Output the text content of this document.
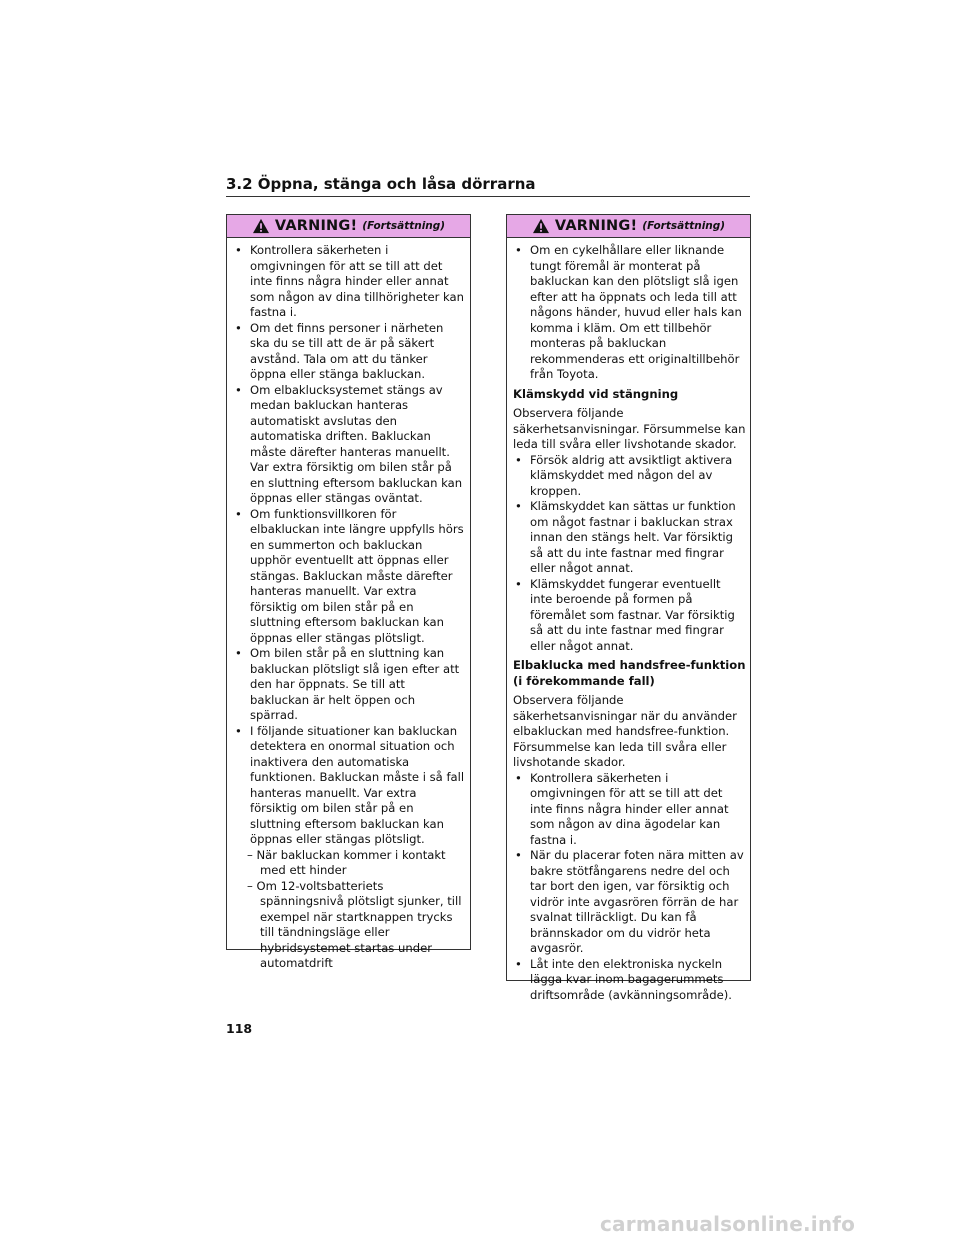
3.2 Öppna, stänga och låsa dörrarna
VARNING! (Fortsättning)
• Kontrollera säkerheten i omgivningen för att se till att det inte finns några hinder eller annat som någon av dina tillhörigheter kan fastna i.
• Om det finns personer i närheten ska du se till att de är på säkert avstånd. Tala om att du tänker öppna eller stänga bakluckan.
• Om elbaklucksystemet stängs av medan bakluckan hanteras automatiskt avslutas den automatiska driften. Bakluckan måste därefter hanteras manuellt. Var extra försiktig om bilen står på en sluttning eftersom bakluckan kan öppnas eller stängas oväntat.
• Om funktionsvillkoren för elbakluckan inte längre uppfylls hörs en summerton och bakluckan upphör eventuellt att öppnas eller stängas. Bakluckan måste därefter hanteras manuellt. Var extra försiktig om bilen står på en sluttning eftersom bakluckan kan öppnas eller stängas plötsligt.
• Om bilen står på en sluttning kan bakluckan plötsligt slå igen efter att den har öppnats. Se till att bakluckan är helt öppen och spärrad.
• I följande situationer kan bakluckan detektera en onormal situation och inaktivera den automatiska funktionen. Bakluckan måste i så fall hanteras manuellt. Var extra försiktig om bilen står på en sluttning eftersom bakluckan kan öppnas eller stängas plötsligt.
– När bakluckan kommer i kontakt med ett hinder
– Om 12-voltsbatteriets spänningsnivå plötsligt sjunker, till exempel när startknappen trycks till tändningsläge eller hybridsystemet startas under automatdrift
VARNING! (Fortsättning)
• Om en cykelhållare eller liknande tungt föremål är monterat på bakluckan kan den plötsligt slå igen efter att ha öppnats och leda till att någons händer, huvud eller hals kan komma i kläm. Om ett tillbehör monteras på bakluckan rekommenderas ett originaltillbehör från Toyota.
Klämskydd vid stängning

Observera följande säkerhetsanvisningar. Försummelse kan leda till svåra eller livshotande skador.

• Försök aldrig att avsiktligt aktivera klämskyddet med någon del av kroppen.
• Klämskyddet kan sättas ur funktion om något fastnar i bakluckan strax innan den stängs helt. Var försiktig så att du inte fastnar med fingrar eller något annat.
• Klämskyddet fungerar eventuellt inte beroende på formen på föremålet som fastnar. Var försiktig så att du inte fastnar med fingrar eller något annat.
Elbaklucka med handsfree-funktion (i förekommande fall)

Observera följande säkerhetsanvisningar när du använder elbakluckan med handsfree-funktion. Försummelse kan leda till svåra eller livshotande skador.

• Kontrollera säkerheten i omgivningen för att se till att det inte finns några hinder eller annat som någon av dina ägodelar kan fastna i.
• När du placerar foten nära mitten av bakre stötfångarens nedre del och tar bort den igen, var försiktig och vidrör inte avgasrören förrän de har svalnat tillräckligt. Du kan få brännskador om du vidrör heta avgasrör.
• Låt inte den elektroniska nyckeln lägga kvar inom bagagerummets driftsområde (avkänningsområde).
118
carmanualsonline.info
